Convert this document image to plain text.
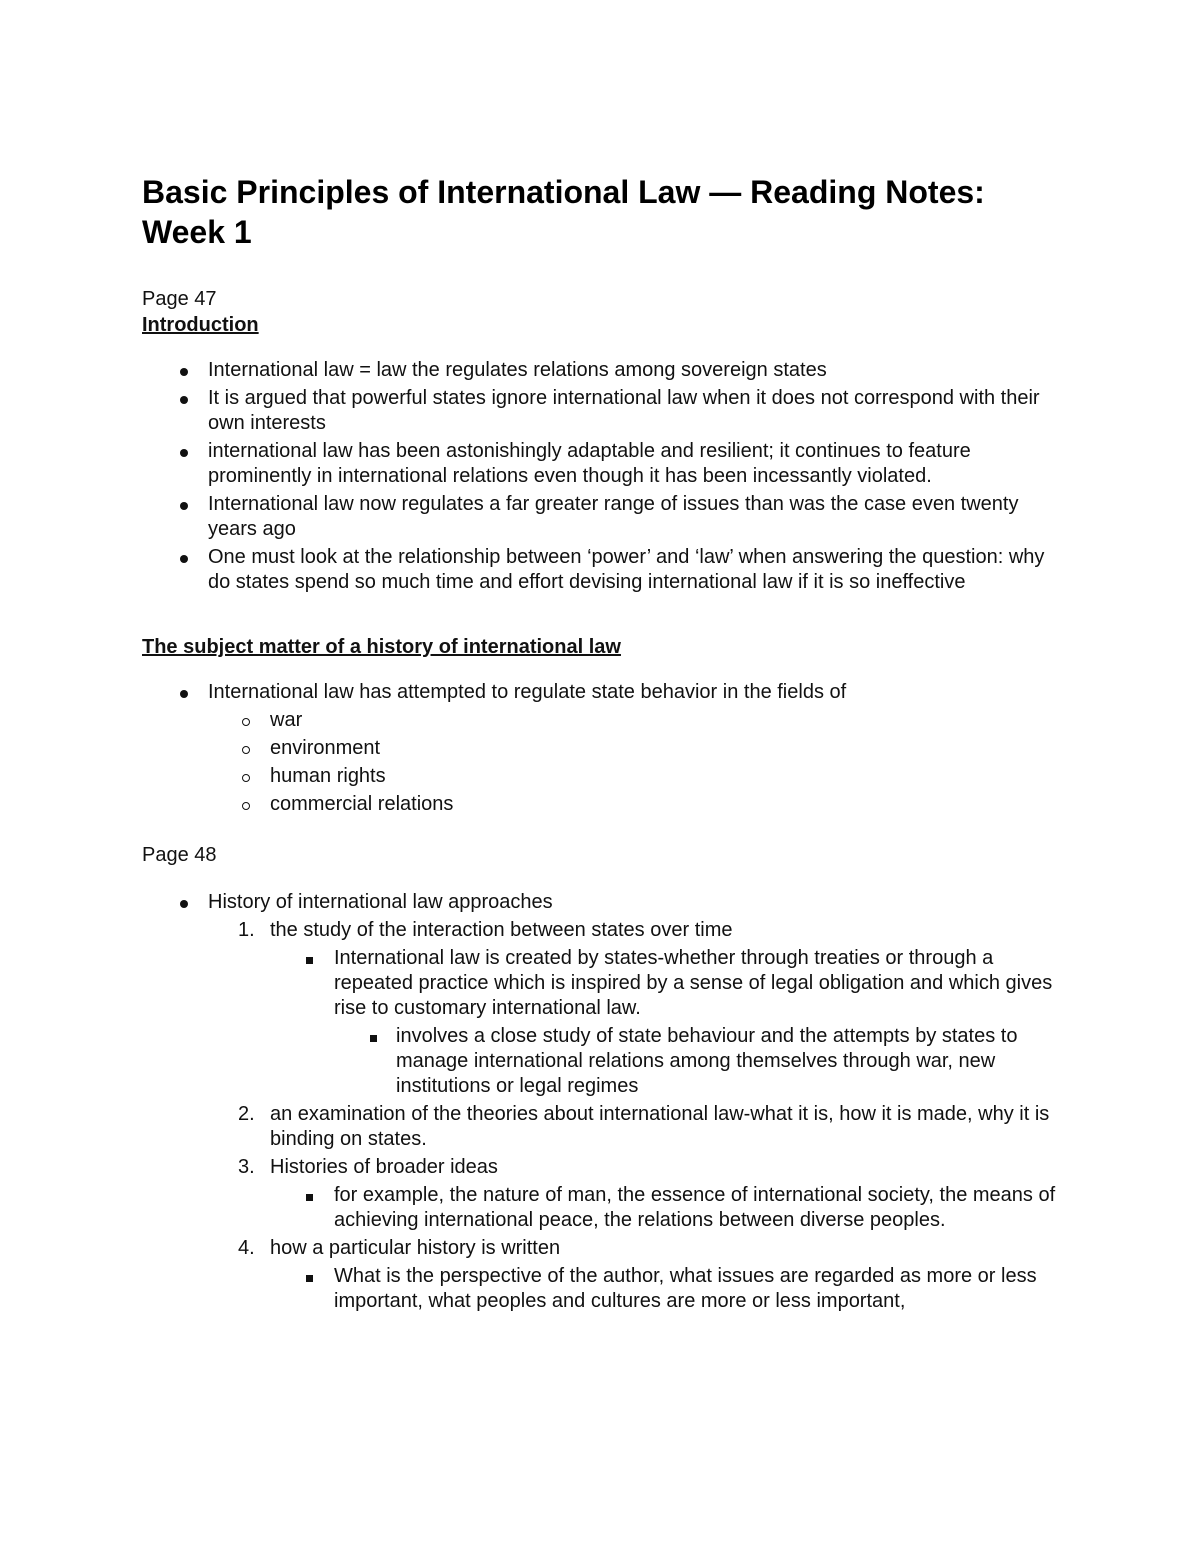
Basic Principles of International Law — Reading Notes: Week 1

Page 47

Introduction

International law = law the regulates relations among sovereign states
It is argued that powerful states ignore international law when it does not correspond with their own interests
international law has been astonishingly adaptable and resilient; it continues to feature prominently in international relations even though it has been incessantly violated.
International law now regulates a far greater range of issues than was the case even twenty years ago
One must look at the relationship between ‘power’ and ‘law’ when answering the question: why do states spend so much time and effort devising international law if it is so ineffective

The subject matter of a history of international law

International law has attempted to regulate state behavior in the fields of
war
environment
human rights
commercial relations

Page 48

History of international law approaches
1. the study of the interaction between states over time
International law is created by states-whether through treaties or through a repeated practice which is inspired by a sense of legal obligation and which gives rise to customary international law.
involves a close study of state behaviour and the attempts by states to manage international relations among themselves through war, new institutions or legal regimes
2. an examination of the theories about international law-what it is, how it is made, why it is binding on states.
3. Histories of broader ideas
for example, the nature of man, the essence of international society, the means of achieving international peace, the relations between diverse peoples.
4. how a particular history is written
What is the perspective of the author, what issues are regarded as more or less important, what peoples and cultures are more or less important,
